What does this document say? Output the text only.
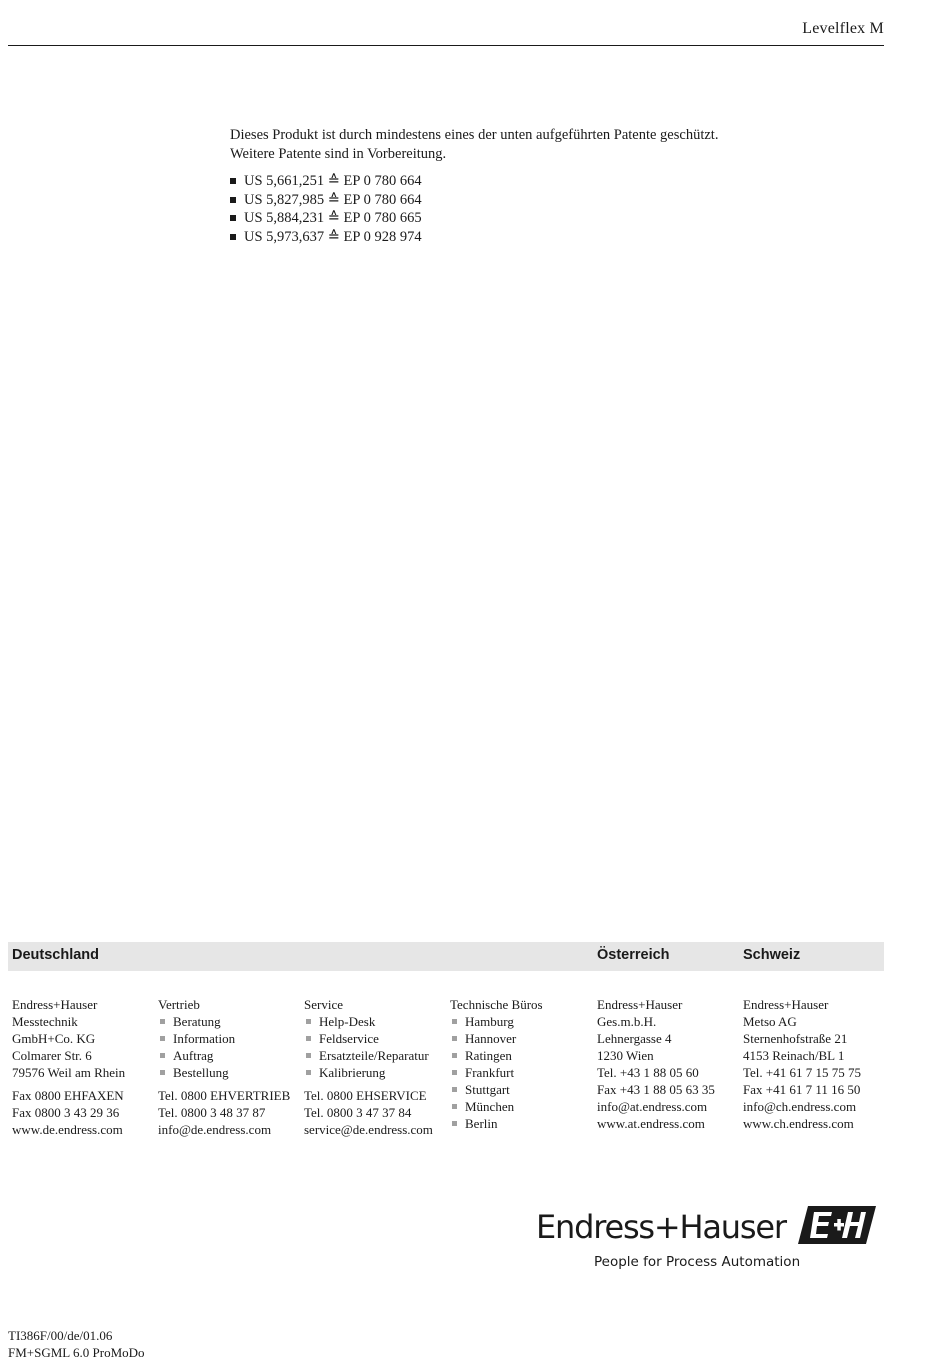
Levelflex M

Dieses Produkt ist durch mindestens eines der unten aufgeführten Patente geschützt.

Weitere Patente sind in Vorbereitung.

US 5,661,251 ≙ EP 0 780 664
US 5,827,985 ≙ EP 0 780 664
US 5,884,231 ≙ EP 0 780 665
US 5,973,637 ≙ EP 0 928 974
Deutschland	Österreich	Schweiz
Endress+Hauser
Messtechnik
GmbH+Co. KG
Colmarer Str. 6
79576 Weil am Rhein
Fax 0800 EHFAXEN
Fax 0800 3 43 29 36
www.de.endress.com
Vertrieb
Beratung
Information
Auftrag
Bestellung
Tel. 0800 EHVERTRIEB
Tel. 0800 3 48 37 87
info@de.endress.com
Service
Help-Desk
Feldservice
Ersatzteile/Reparatur
Kalibrierung
Tel. 0800 EHSERVICE
Tel. 0800 3 47 37 84
service@de.endress.com
Technische Büros
Hamburg
Hannover
Ratingen
Frankfurt
Stuttgart
München
Berlin
Endress+Hauser
Ges.m.b.H.
Lehnergasse 4
1230 Wien
Tel. +43 1 88 05 60
Fax +43 1 88 05 63 35
info@at.endress.com
www.at.endress.com
Endress+Hauser
Metso AG
Sternenhofstraße 21
4153 Reinach/BL 1
Tel. +41 61 7 15 75 75
Fax +41 61 7 11 16 50
info@ch.endress.com
www.ch.endress.com
Endress+Hauser
People for Process Automation
TI386F/00/de/01.06
FM+SGML 6.0 ProMoDo
